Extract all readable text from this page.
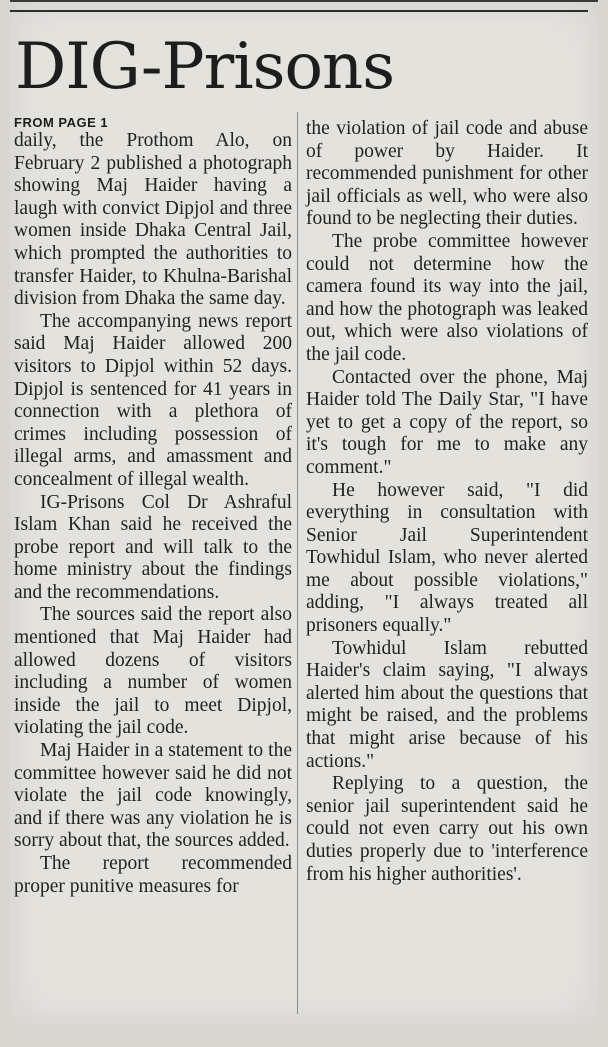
DIG-Prisons

FROM PAGE 1

daily, the Prothom Alo, on February 2 published a photograph showing Maj Haider having a laugh with convict Dipjol and three women inside Dhaka Central Jail, which prompted the authorities to transfer Haider, to Khulna-Barishal division from Dhaka the same day.

The accompanying news report said Maj Haider allowed 200 visitors to Dipjol within 52 days. Dipjol is sentenced for 41 years in connection with a plethora of crimes including possession of illegal arms, and amassment and concealment of illegal wealth.

IG-Prisons Col Dr Ashraful Islam Khan said he received the probe report and will talk to the home ministry about the findings and the recommendations.

The sources said the report also mentioned that Maj Haider had allowed dozens of visitors including a number of women inside the jail to meet Dipjol, violating the jail code.

Maj Haider in a statement to the committee however said he did not violate the jail code knowingly, and if there was any violation he is sorry about that, the sources added.

The report recommended proper punitive measures for

the violation of jail code and abuse of power by Haider. It recommended punishment for other jail officials as well, who were also found to be neglecting their duties.

The probe committee however could not determine how the camera found its way into the jail, and how the photograph was leaked out, which were also violations of the jail code.

Contacted over the phone, Maj Haider told The Daily Star, "I have yet to get a copy of the report, so it's tough for me to make any comment."

He however said, "I did everything in consultation with Senior Jail Superintendent Towhidul Islam, who never alerted me about possible violations," adding, "I always treated all prisoners equally."

Towhidul Islam rebutted Haider's claim saying, "I always alerted him about the questions that might be raised, and the problems that might arise because of his actions."

Replying to a question, the senior jail superintendent said he could not even carry out his own duties properly due to 'interference from his higher authorities'.
